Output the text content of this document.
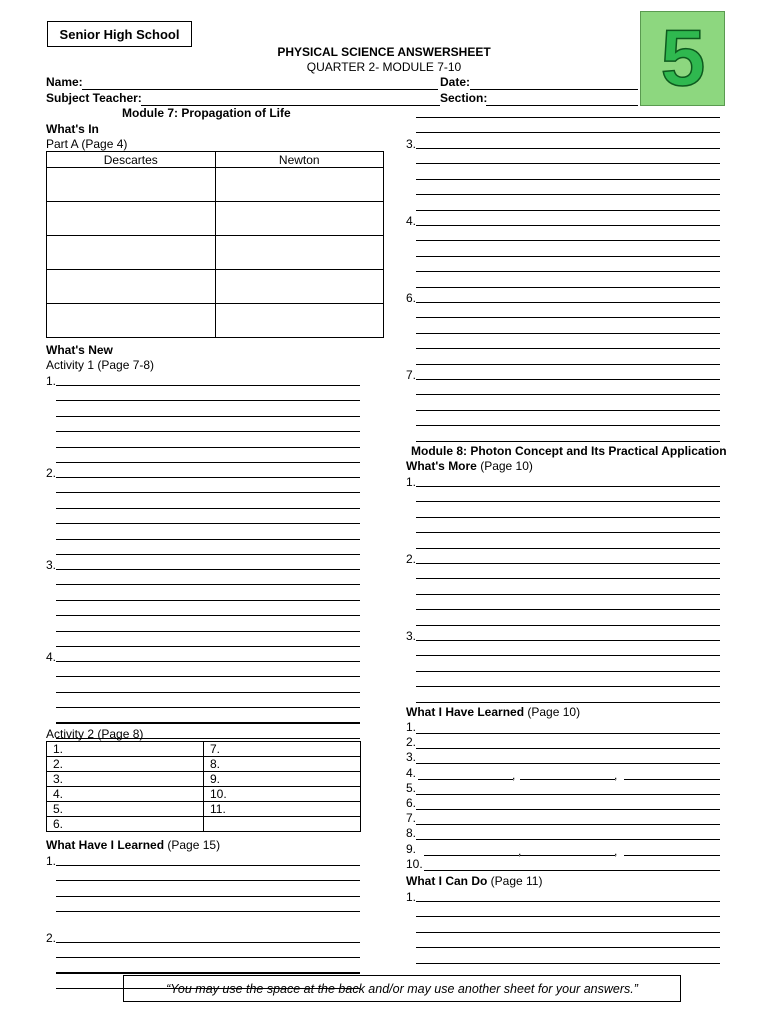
Senior High School
PHYSICAL SCIENCE ANSWERSHEET
QUARTER 2- MODULE 7-10	5
Name:	Date:
Subject Teacher:	Section:
Module 7: Propagation of Life
What's In
Part A (Page 4)
Descartes	Newton

What's New
Activity 1 (Page 7-8)
1.
2.
3.
4.
Activity 2 (Page 8)
1.	7.
2.	8.
3.	9.
4.	10.
5.	11.
6.	
What Have I Learned (Page 15)
1.
2.
3.
4.
6.
7.
Module 8: Photon Concept and Its Practical Application
What's More (Page 10)
1.
2.
3.
What I Have Learned (Page 10)
1.
2.
3.
4.	,	,
5.
6.
7.
8.
9.	,	,
10.
What I Can Do (Page 11)
1.
“You may use the space at the back and/or may use another sheet for your answers.”
